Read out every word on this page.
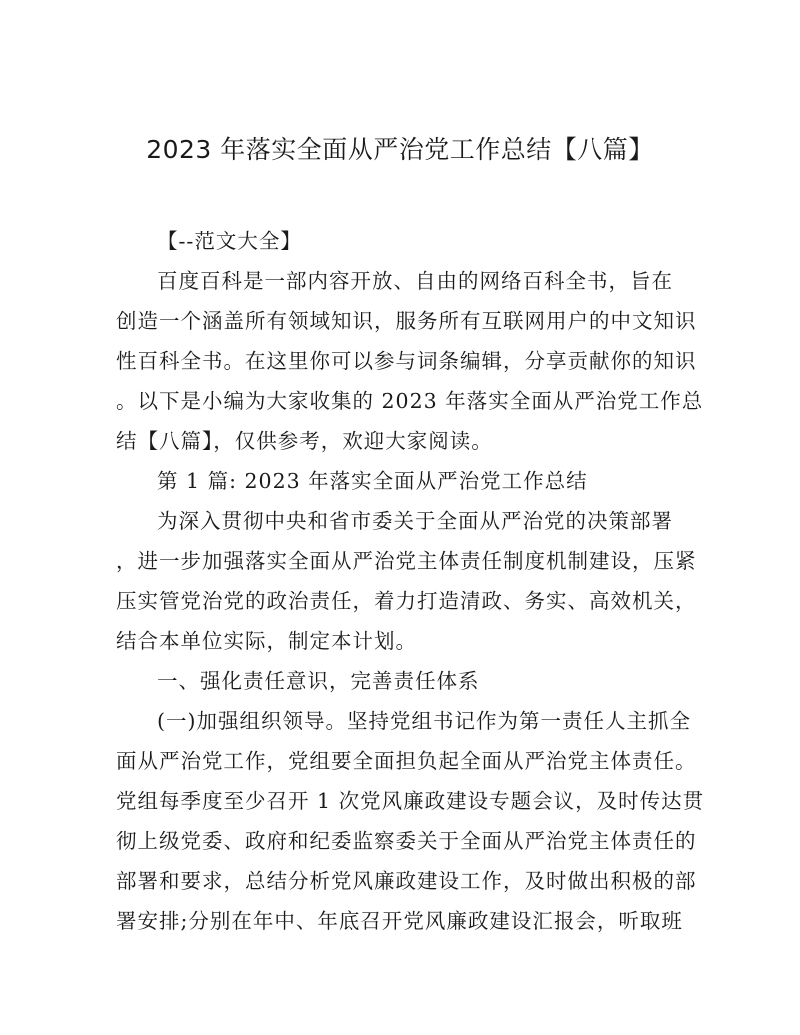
2023 年落实全面从严治党工作总结【八篇】

【--范文大全】

百度百科是一部内容开放、自由的网络百科全书，旨在
创造一个涵盖所有领域知识，服务所有互联网用户的中文知识
性百科全书。在这里你可以参与词条编辑，分享贡献你的知识
。以下是小编为大家收集的 2023 年落实全面从严治党工作总
结【八篇】，仅供参考，欢迎大家阅读。

第 1 篇: 2023 年落实全面从严治党工作总结

为深入贯彻中央和省市委关于全面从严治党的决策部署
，进一步加强落实全面从严治党主体责任制度机制建设，压紧
压实管党治党的政治责任，着力打造清政、务实、高效机关，
结合本单位实际，制定本计划。

一、强化责任意识，完善责任体系

(一)加强组织领导。坚持党组书记作为第一责任人主抓全
面从严治党工作，党组要全面担负起全面从严治党主体责任。
党组每季度至少召开 1 次党风廉政建设专题会议，及时传达贯
彻上级党委、政府和纪委监察委关于全面从严治党主体责任的
部署和要求，总结分析党风廉政建设工作，及时做出积极的部
署安排;分别在年中、年底召开党风廉政建设汇报会，听取班
